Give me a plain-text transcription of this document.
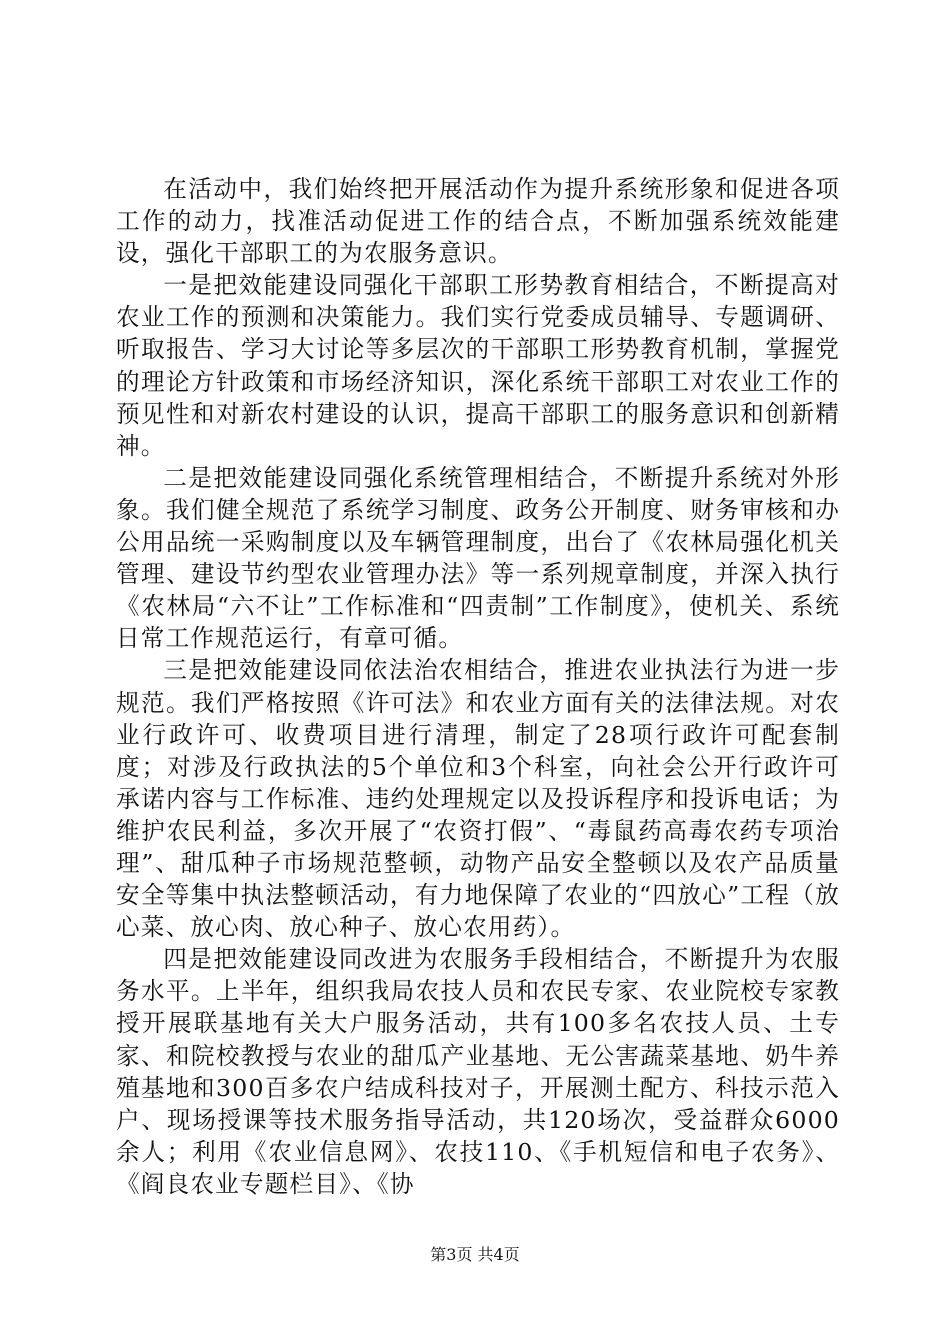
在活动中，我们始终把开展活动作为提升系统形象和促进各项工作的动力，找准活动促进工作的结合点，不断加强系统效能建设，强化干部职工的为农服务意识。

一是把效能建设同强化干部职工形势教育相结合，不断提高对农业工作的预测和决策能力。我们实行党委成员辅导、专题调研、听取报告、学习大讨论等多层次的干部职工形势教育机制，掌握党的理论方针政策和市场经济知识，深化系统干部职工对农业工作的预见性和对新农村建设的认识，提高干部职工的服务意识和创新精神。

二是把效能建设同强化系统管理相结合，不断提升系统对外形象。我们健全规范了系统学习制度、政务公开制度、财务审核和办公用品统一采购制度以及车辆管理制度，出台了《农林局强化机关管理、建设节约型农业管理办法》等一系列规章制度，并深入执行《农林局“六不让”工作标准和“四责制”工作制度》，使机关、系统日常工作规范运行，有章可循。

三是把效能建设同依法治农相结合，推进农业执法行为进一步规范。我们严格按照《许可法》和农业方面有关的法律法规。对农业行政许可、收费项目进行清理，制定了28项行政许可配套制度；对涉及行政执法的5个单位和3个科室，向社会公开行政许可承诺内容与工作标准、违约处理规定以及投诉程序和投诉电话；为维护农民利益，多次开展了“农资打假”、“毒鼠药高毒农药专项治理”、甜瓜种子市场规范整顿，动物产品安全整顿以及农产品质量安全等集中执法整顿活动，有力地保障了农业的“四放心”工程（放心菜、放心肉、放心种子、放心农用药）。

四是把效能建设同改进为农服务手段相结合，不断提升为农服务水平。上半年，组织我局农技人员和农民专家、农业院校专家教授开展联基地有关大户服务活动，共有100多名农技人员、土专家、和院校教授与农业的甜瓜产业基地、无公害蔬菜基地、奶牛养殖基地和300百多农户结成科技对子，开展测土配方、科技示范入户、现场授课等技术服务指导活动，共120场次，受益群众6000余人；利用《农业信息网》、农技110、《手机短信和电子农务》、《阎良农业专题栏目》、《协

第3页 共4页
